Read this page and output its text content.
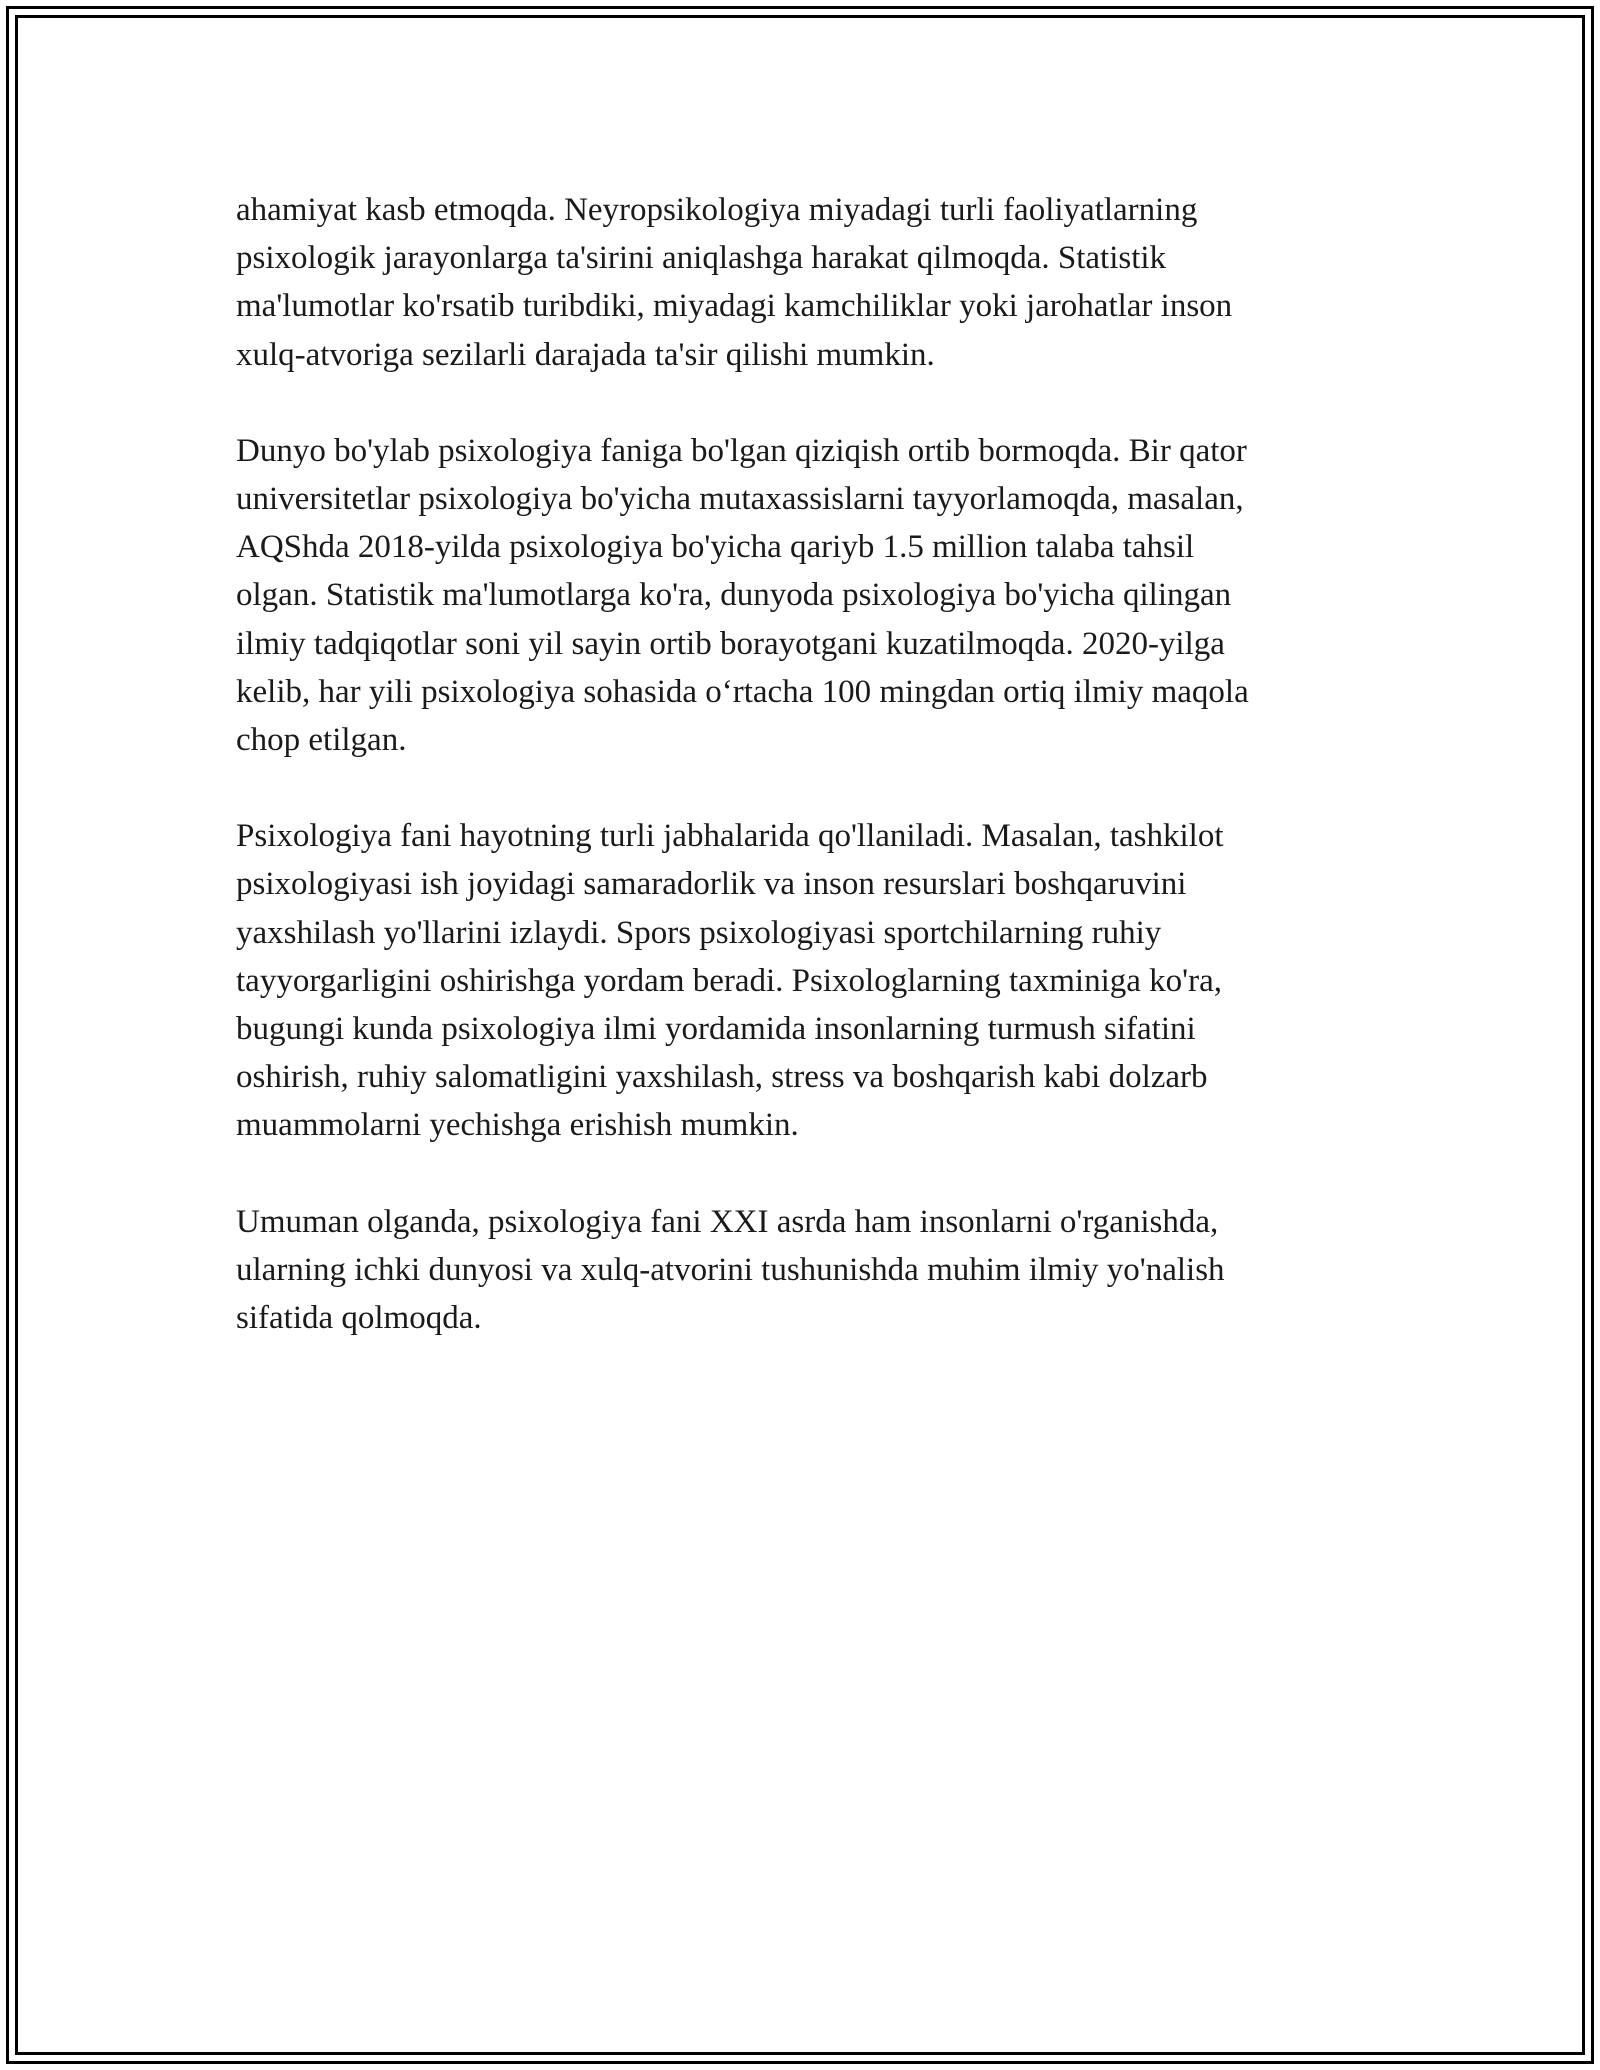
ahamiyat kasb etmoqda. Neyropsikologiya miyadagi turli faoliyatlarning
psixologik jarayonlarga ta'sirini aniqlashga harakat qilmoqda. Statistik
ma'lumotlar ko'rsatib turibdiki, miyadagi kamchiliklar yoki jarohatlar inson
xulq-atvoriga sezilarli darajada ta'sir qilishi mumkin.

Dunyo bo'ylab psixologiya faniga bo'lgan qiziqish ortib bormoqda. Bir qator
universitetlar psixologiya bo'yicha mutaxassislarni tayyorlamoqda, masalan,
AQShda 2018-yilda psixologiya bo'yicha qariyb 1.5 million talaba tahsil
olgan. Statistik ma'lumotlarga ko'ra, dunyoda psixologiya bo'yicha qilingan
ilmiy tadqiqotlar soni yil sayin ortib borayotgani kuzatilmoqda. 2020-yilga
kelib, har yili psixologiya sohasida o‘rtacha 100 mingdan ortiq ilmiy maqola
chop etilgan.

Psixologiya fani hayotning turli jabhalarida qo'llaniladi. Masalan, tashkilot
psixologiyasi ish joyidagi samaradorlik va inson resurslari boshqaruvini
yaxshilash yo'llarini izlaydi. Spors psixologiyasi sportchilarning ruhiy
tayyorgarligini oshirishga yordam beradi. Psixologlarning taxminiga ko'ra,
bugungi kunda psixologiya ilmi yordamida insonlarning turmush sifatini
oshirish, ruhiy salomatligini yaxshilash, stress va boshqarish kabi dolzarb
muammolarni yechishga erishish mumkin.

Umuman olganda, psixologiya fani XXI asrda ham insonlarni o'rganishda,
ularning ichki dunyosi va xulq-atvorini tushunishda muhim ilmiy yo'nalish
sifatida qolmoqda.
